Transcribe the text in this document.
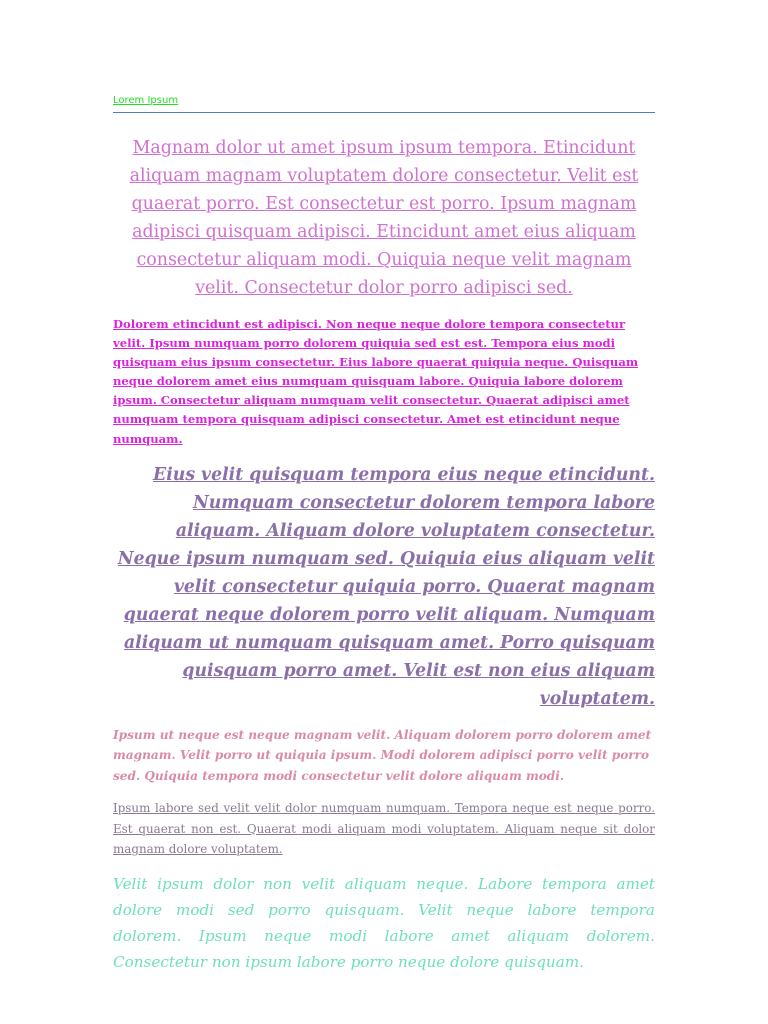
Lorem Ipsum

Magnam dolor ut amet ipsum ipsum tempora. Etincidunt aliquam magnam voluptatem dolore consectetur. Velit est quaerat porro. Est consectetur est porro. Ipsum magnam adipisci quisquam adipisci. Etincidunt amet eius aliquam consectetur aliquam modi. Quiquia neque velit magnam velit. Consectetur dolor porro adipisci sed.

Dolorem etincidunt est adipisci. Non neque neque dolore tempora consectetur velit. Ipsum numquam porro dolorem quiquia sed est est. Tempora eius modi quisquam eius ipsum consectetur. Eius labore quaerat quiquia neque. Quisquam neque dolorem amet eius numquam quisquam labore. Quiquia labore dolorem ipsum. Consectetur aliquam numquam velit consectetur. Quaerat adipisci amet numquam tempora quisquam adipisci consectetur. Amet est etincidunt neque numquam.

Eius velit quisquam tempora eius neque etincidunt. Numquam consectetur dolorem tempora labore aliquam. Aliquam dolore voluptatem consectetur. Neque ipsum numquam sed. Quiquia eius aliquam velit velit consectetur quiquia porro. Quaerat magnam quaerat neque dolorem porro velit aliquam. Numquam aliquam ut numquam quisquam amet. Porro quisquam quisquam porro amet. Velit est non eius aliquam voluptatem.

Ipsum ut neque est neque magnam velit. Aliquam dolorem porro dolorem amet magnam. Velit porro ut quiquia ipsum. Modi dolorem adipisci porro velit porro sed. Quiquia tempora modi consectetur velit dolore aliquam modi.

Ipsum labore sed velit velit dolor numquam numquam. Tempora neque est neque porro. Est quaerat non est. Quaerat modi aliquam modi voluptatem. Aliquam neque sit dolor magnam dolore voluptatem.

Velit ipsum dolor non velit aliquam neque. Labore tempora amet dolore modi sed porro quisquam. Velit neque labore tempora dolorem. Ipsum neque modi labore amet aliquam dolorem. Consectetur non ipsum labore porro neque dolore quisquam.
